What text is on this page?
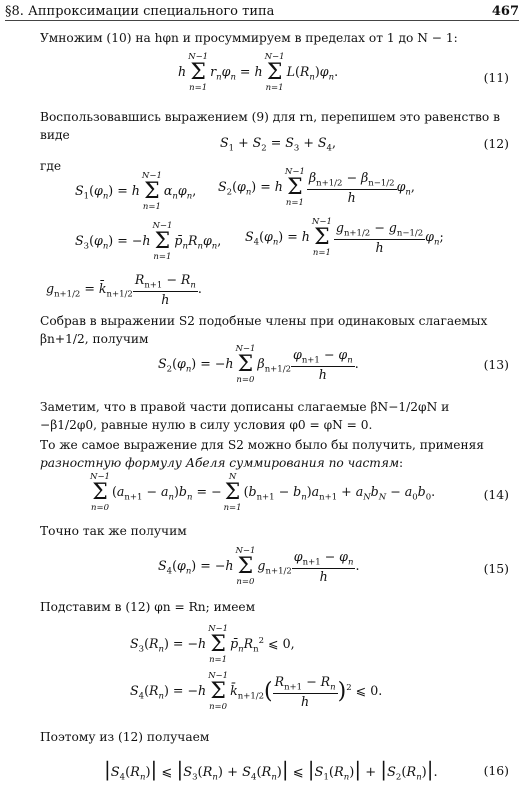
§8. Аппроксимации специального типа	467
Умножим (10) на hφn и просуммируем в пределах от 1 до N − 1:
h
N−1
Σ
n=1
$r_n\varphi_n = h$
N−1
Σ
n=1
$L(R_n)\varphi_n$.	(11)
Воспользовавшись выражением (9) для rn, перепишем это равенство в виде	$S_1 + S_2 = S_3 + S_4$,	(12)
где
$S_1(\varphi_n) = h$
N−1
Σ
n=1
$\alpha_n\varphi_n$, $S_2(\varphi_n) = h$
N−1
Σ
$n=1 \frac{\beta_{n+1/2} - \beta_{n-1/2}}{h} \varphi_n$,
$S_3(\varphi_n) = -h$
N−1
Σ
n=1
$p̄_nR_n\varphi_n$, $S_4(\varphi_n) = h$
N−1
Σ
$n=1 \frac{g_{n+1/2} - g_{n-1/2}}{h} \varphi_n$;
$g_{n+1/2}$ = $k̄_{n+1/2} \frac{R_{n+1} - R_n}{h}$ .
Собрав в выражении S2 подобные члены при одинаковых слагаемых βn+1/2, получим
$S_2(\varphi_n) = -h$
N−1
Σ
n=0
$\beta_{n+1/2} \frac{\varphi_{n+1} - \varphi_n}{h}$ .	(13)
Заметим, что в правой части дописаны слагаемые βN−1/2φN и −β1/2φ0, равные нулю в силу условия φ0 = φN = 0.
То же самое выражение для S2 можно было бы получить, применяя разностную формулу Абеля суммирования по частям:
N−1
Σ
n=0
$(a_{n+1} - a_n)b_n$ = −
N
Σ
n=1
$(b_{n+1} - b_n)a_{n+1} + a_Nb_N - a_0b_0$.	(14)
Точно так же получим
$S_4(\varphi_n) = -h$
N−1
Σ
n=0
$g_{n+1/2} \frac{\varphi_{n+1} - \varphi_n}{h}$ .	(15)
Подставим в (12) φn = Rn; имеем
$S_3(R_n) = -h$
N−1
Σ
n=1
$p̄_nR_n^2$ ⩽ 0,
$S_4(R_n) = -h$
N−1
Σ
n=0
$k̄_{n+1/2}( \frac{R_{n+1} - R_n}{h} )^2$ ⩽ 0.
Поэтому из (12) получаем
$|S_4(R_n)|$ ⩽ $|S_3(R_n) + S_4(R_n)|$ ⩽ $|S_1(R_n)| + |S_2(R_n)|$.	(16)
